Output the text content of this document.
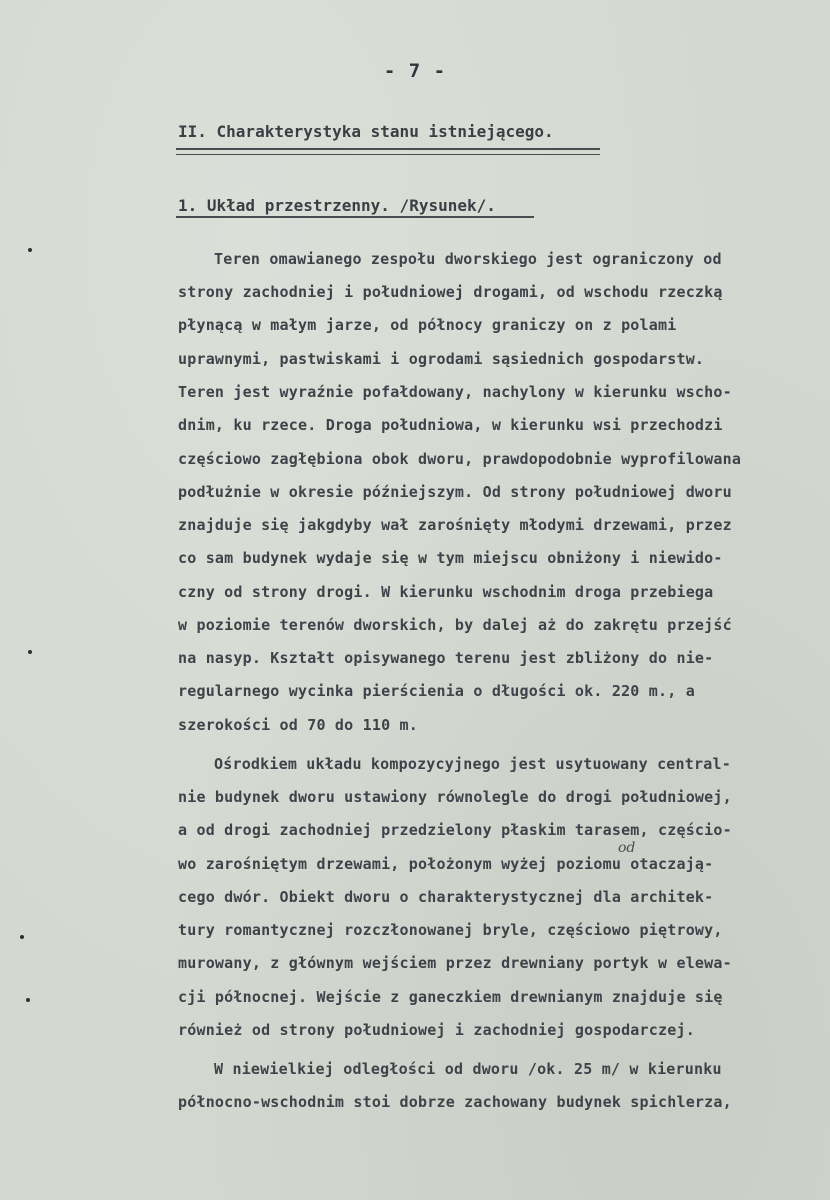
- 7 -
II. Charakterystyka stanu istniejącego.
1. Układ przestrzenny. /Rysunek/.
Teren omawianego zespołu dworskiego jest ograniczony od
strony zachodniej i południowej drogami, od wschodu rzeczką
płynącą w małym jarze, od północy graniczy on z polami
uprawnymi, pastwiskami i ogrodami sąsiednich gospodarstw.
Teren jest wyraźnie pofałdowany, nachylony w kierunku wscho-
dnim, ku rzece. Droga południowa, w kierunku wsi przechodzi
częściowo zagłębiona obok dworu, prawdopodobnie wyprofilowana
podłużnie w okresie późniejszym. Od strony południowej dworu
znajduje się jakgdyby wał zarośnięty młodymi drzewami, przez
co sam budynek wydaje się w tym miejscu obniżony i niewido-
czny od strony drogi. W kierunku wschodnim droga przebiega
w poziomie terenów dworskich, by dalej aż do zakrętu przejść
na nasyp. Kształt opisywanego terenu jest zbliżony do nie-
regularnego wycinka pierścienia o długości ok. 220 m., a
szerokości od 70 do 110 m.
Ośrodkiem układu kompozycyjnego jest usytuowany central-
nie budynek dworu ustawiony równolegle do drogi południowej,
a od drogi zachodniej przedzielony płaskim tarasem, częścio-
wo zarośniętym drzewami, położonym wyżej poziomu otaczają-
cego dwór. Obiekt dworu o charakterystycznej dla architek-
tury romantycznej rozczłonowanej bryle, częściowo piętrowy,
murowany, z głównym wejściem przez drewniany portyk w elewa-
cji północnej. Wejście z ganeczkiem drewnianym znajduje się
również od strony południowej i zachodniej gospodarczej.
W niewielkiej odległości od dworu /ok. 25 m/ w kierunku
północno-wschodnim stoi dobrze zachowany budynek spichlerza,
od
